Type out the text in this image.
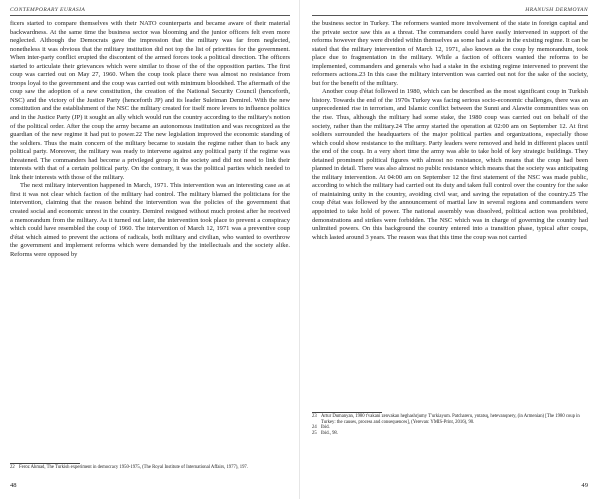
CONTEMPORARY EURASIA

ficers started to compare themselves with their NATO counterparts and became aware of their material backwardness. At the same time the business sector was blooming and the junior officers felt even more neglected. Although the Democrats gave the impression that the military was far from neglected, nonetheless it was obvious that the military institution did not top the list of priorities for the government. When inter-party conflict erupted the discontent of the armed forces took a political direction. The officers started to articulate their grievances which were similar to those of the of the opposition parties. The first coup was carried out on May 27, 1960. When the coup took place there was almost no resistance from troops loyal to the government and the coup was carried out with minimum bloodshed. The aftermath of the coup saw the adoption of a new constitution, the creation of the National Security Council (henceforth, NSC) and the victory of the Justice Party (henceforth JP) and its leader Suleiman Demirel. With the new constitution and the establishment of the NSC the military created for itself more levers to influence politics and in the Justice Party (JP) it sought an ally which would run the country according to the military's notion of the political order. After the coup the army became an autonomous institution and was recognized as the guardian of the new regime it had put to power.22 The new legislation improved the economic standing of the soldiers. Thus the main concern of the military became to sustain the regime rather than to back any political party. Moreover, the military was ready to intervene against any political party if the regime was threatened. The commanders had become a privileged group in the society and did not need to link their interests with that of a certain political party. On the contrary, it was the political parties which needed to link their interests with those of the military.

The next military intervention happened in March, 1971. This intervention was an interesting case as at first it was not clear which faction of the military had control. The military blamed the politicians for the intervention, claiming that the reason behind the intervention was the policies of the government that created social and economic unrest in the country. Demirel resigned without much protest after he received a memorandum from the military. As it turned out later, the intervention took place to prevent a conspiracy which could have resembled the coup of 1960. The intervention of March 12, 1971 was a preventive coup d'état which aimed to prevent the actions of radicals, both military and civilian, who wanted to overthrow the government and implement reforms which were demanded by the intellectuals and the society alike. Reforms were opposed by

22 Feroz Ahmad, The Turkish experiment in democracy 1950-1975, (The Royal Institute of International Affairs, 1977), 197.
48
HRANUSH DERMOYAN

the business sector in Turkey. The reformers wanted more involvement of the state in foreign capital and the private sector saw this as a threat. The commanders could have easily intervened in support of the reforms however they were divided within themselves as some had a stake in the existing regime. It can be stated that the military intervention of March 12, 1971, also known as the coup by memorandum, took place due to fragmentation in the military. While a faction of officers wanted the reforms to be implemented, commanders and generals who had a stake in the existing regime intervened to prevent the reformers actions.23 In this case the military intervention was carried out not for the sake of the society, but for the benefit of the military.

Another coup d'état followed in 1980, which can be described as the most significant coup in Turkish history. Towards the end of the 1970s Turkey was facing serious socio-economic challenges, there was an unprecedented rise in terrorism, and Islamic conflict between the Sunni and Alawite communities was on the rise. Thus, although the military had some stake, the 1980 coup was carried out on behalf of the society, rather than the military.24 The army started the operation at 02:00 am on September 12. At first soldiers surrounded the headquarters of the major political parties and organizations, especially those which could show resistance to the military. Party leaders were removed and held in different places until the end of the coup. In a very short time the army was able to take hold of key strategic buildings. They detained prominent political figures with almost no resistance, which means that the coup had been planned in detail. There was also almost no public resistance which means that the society was anticipating the military intervention. At 04:00 am on September 12 the first statement of the NSC was made public, according to which the military had carried out its duty and taken full control over the country for the sake of maintaining unity in the country, avoiding civil war, and saving the reputation of the country.25 The coup d'état was followed by the announcement of martial law in several regions and commanders were appointed to take hold of power. The national assembly was dissolved, political action was prohibited, demonstrations and strikes were forbidden. The NSC which was in charge of governing the country had unlimited powers. On this background the country entered into a transition phase, typical after coups, which lasted around 3 years. The reason was that this time the coup was not carried

23 Artur Dumanyan, 1980 t'vakani zenvakan heghashrjumy T'urkiayum. Patchareru, yntatsq, hetevanqnery, (in Armenian) [The 1980 coup in Turkey: the causes, process and consequences], (Yerevan: YMIS-Print, 2016), 90.
24 Ibid.
25 Ibid., 98.
49
